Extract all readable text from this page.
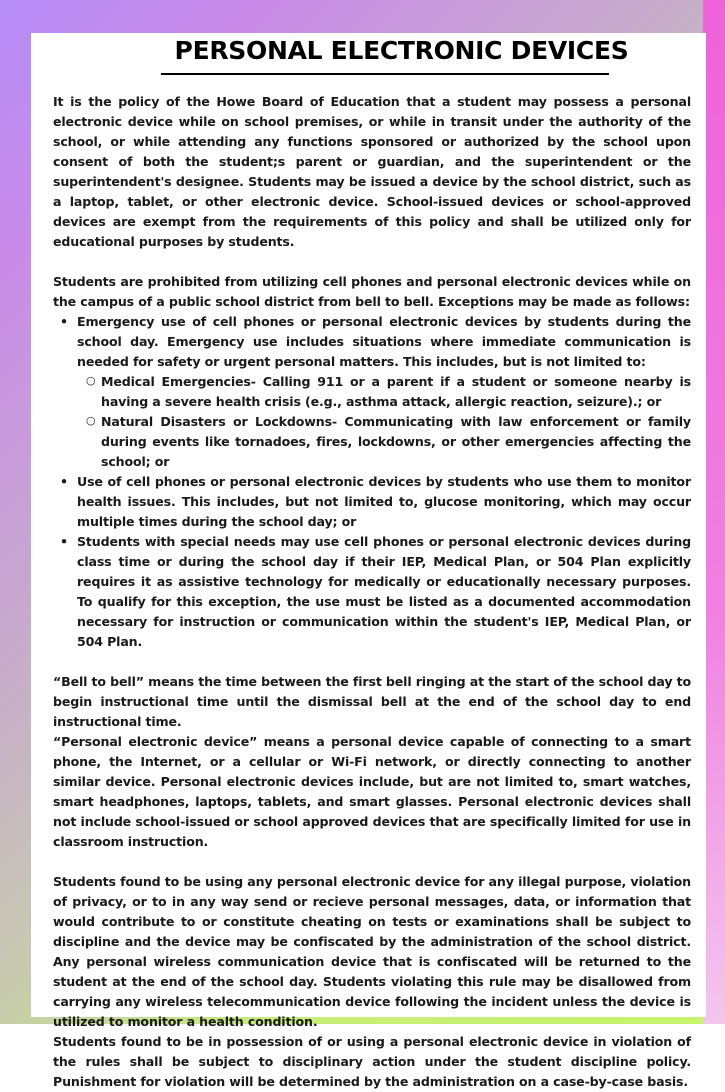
PERSONAL ELECTRONIC DEVICES

It is the policy of the Howe Board of Education that a student may possess a personal electronic device while on school premises, or while in transit under the authority of the school, or while attending any functions sponsored or authorized by the school upon consent of both the student;s parent or guardian, and the superintendent or the superintendent's designee. Students may be issued a device by the school district, such as a laptop, tablet, or other electronic device. School-issued devices or school-approved devices are exempt from the requirements of this policy and shall be utilized only for educational purposes by students.

Students are prohibited from utilizing cell phones and personal electronic devices while on the campus of a public school district from bell to bell. Exceptions may be made as follows:

• Emergency use of cell phones or personal electronic devices by students during the school day. Emergency use includes situations where immediate communication is needed for safety or urgent personal matters. This includes, but is not limited to:
○ Medical Emergencies- Calling 911 or a parent if a student or someone nearby is having a severe health crisis (e.g., asthma attack, allergic reaction, seizure).; or
○ Natural Disasters or Lockdowns- Communicating with law enforcement or family during events like tornadoes, fires, lockdowns, or other emergencies affecting the school; or
• Use of cell phones or personal electronic devices by students who use them to monitor health issues. This includes, but not limited to, glucose monitoring, which may occur multiple times during the school day; or
• Students with special needs may use cell phones or personal electronic devices during class time or during the school day if their IEP, Medical Plan, or 504 Plan explicitly requires it as assistive technology for medically or educationally necessary purposes. To qualify for this exception, the use must be listed as a documented accommodation necessary for instruction or communication within the student's IEP, Medical Plan, or 504 Plan.

“Bell to bell” means the time between the first bell ringing at the start of the school day to begin instructional time until the dismissal bell at the end of the school day to end instructional time.

“Personal electronic device” means a personal device capable of connecting to a smart phone, the Internet, or a cellular or Wi-Fi network, or directly connecting to another similar device. Personal electronic devices include, but are not limited to, smart watches, smart headphones, laptops, tablets, and smart glasses. Personal electronic devices shall not include school-issued or school approved devices that are specifically limited for use in classroom instruction.

Students found to be using any personal electronic device for any illegal purpose, violation of privacy, or to in any way send or recieve personal messages, data, or information that would contribute to or constitute cheating on tests or examinations shall be subject to discipline and the device may be confiscated by the administration of the school district. Any personal wireless communication device that is confiscated will be returned to the student at the end of the school day. Students violating this rule may be disallowed from carrying any wireless telecommunication device following the incident unless the device is utilized to monitor a health condition.

Students found to be in possession of or using a personal electronic device in violation of the rules shall be subject to disciplinary action under the student discipline policy. Punishment for violation will be determined by the administration on a case-by-case basis.
